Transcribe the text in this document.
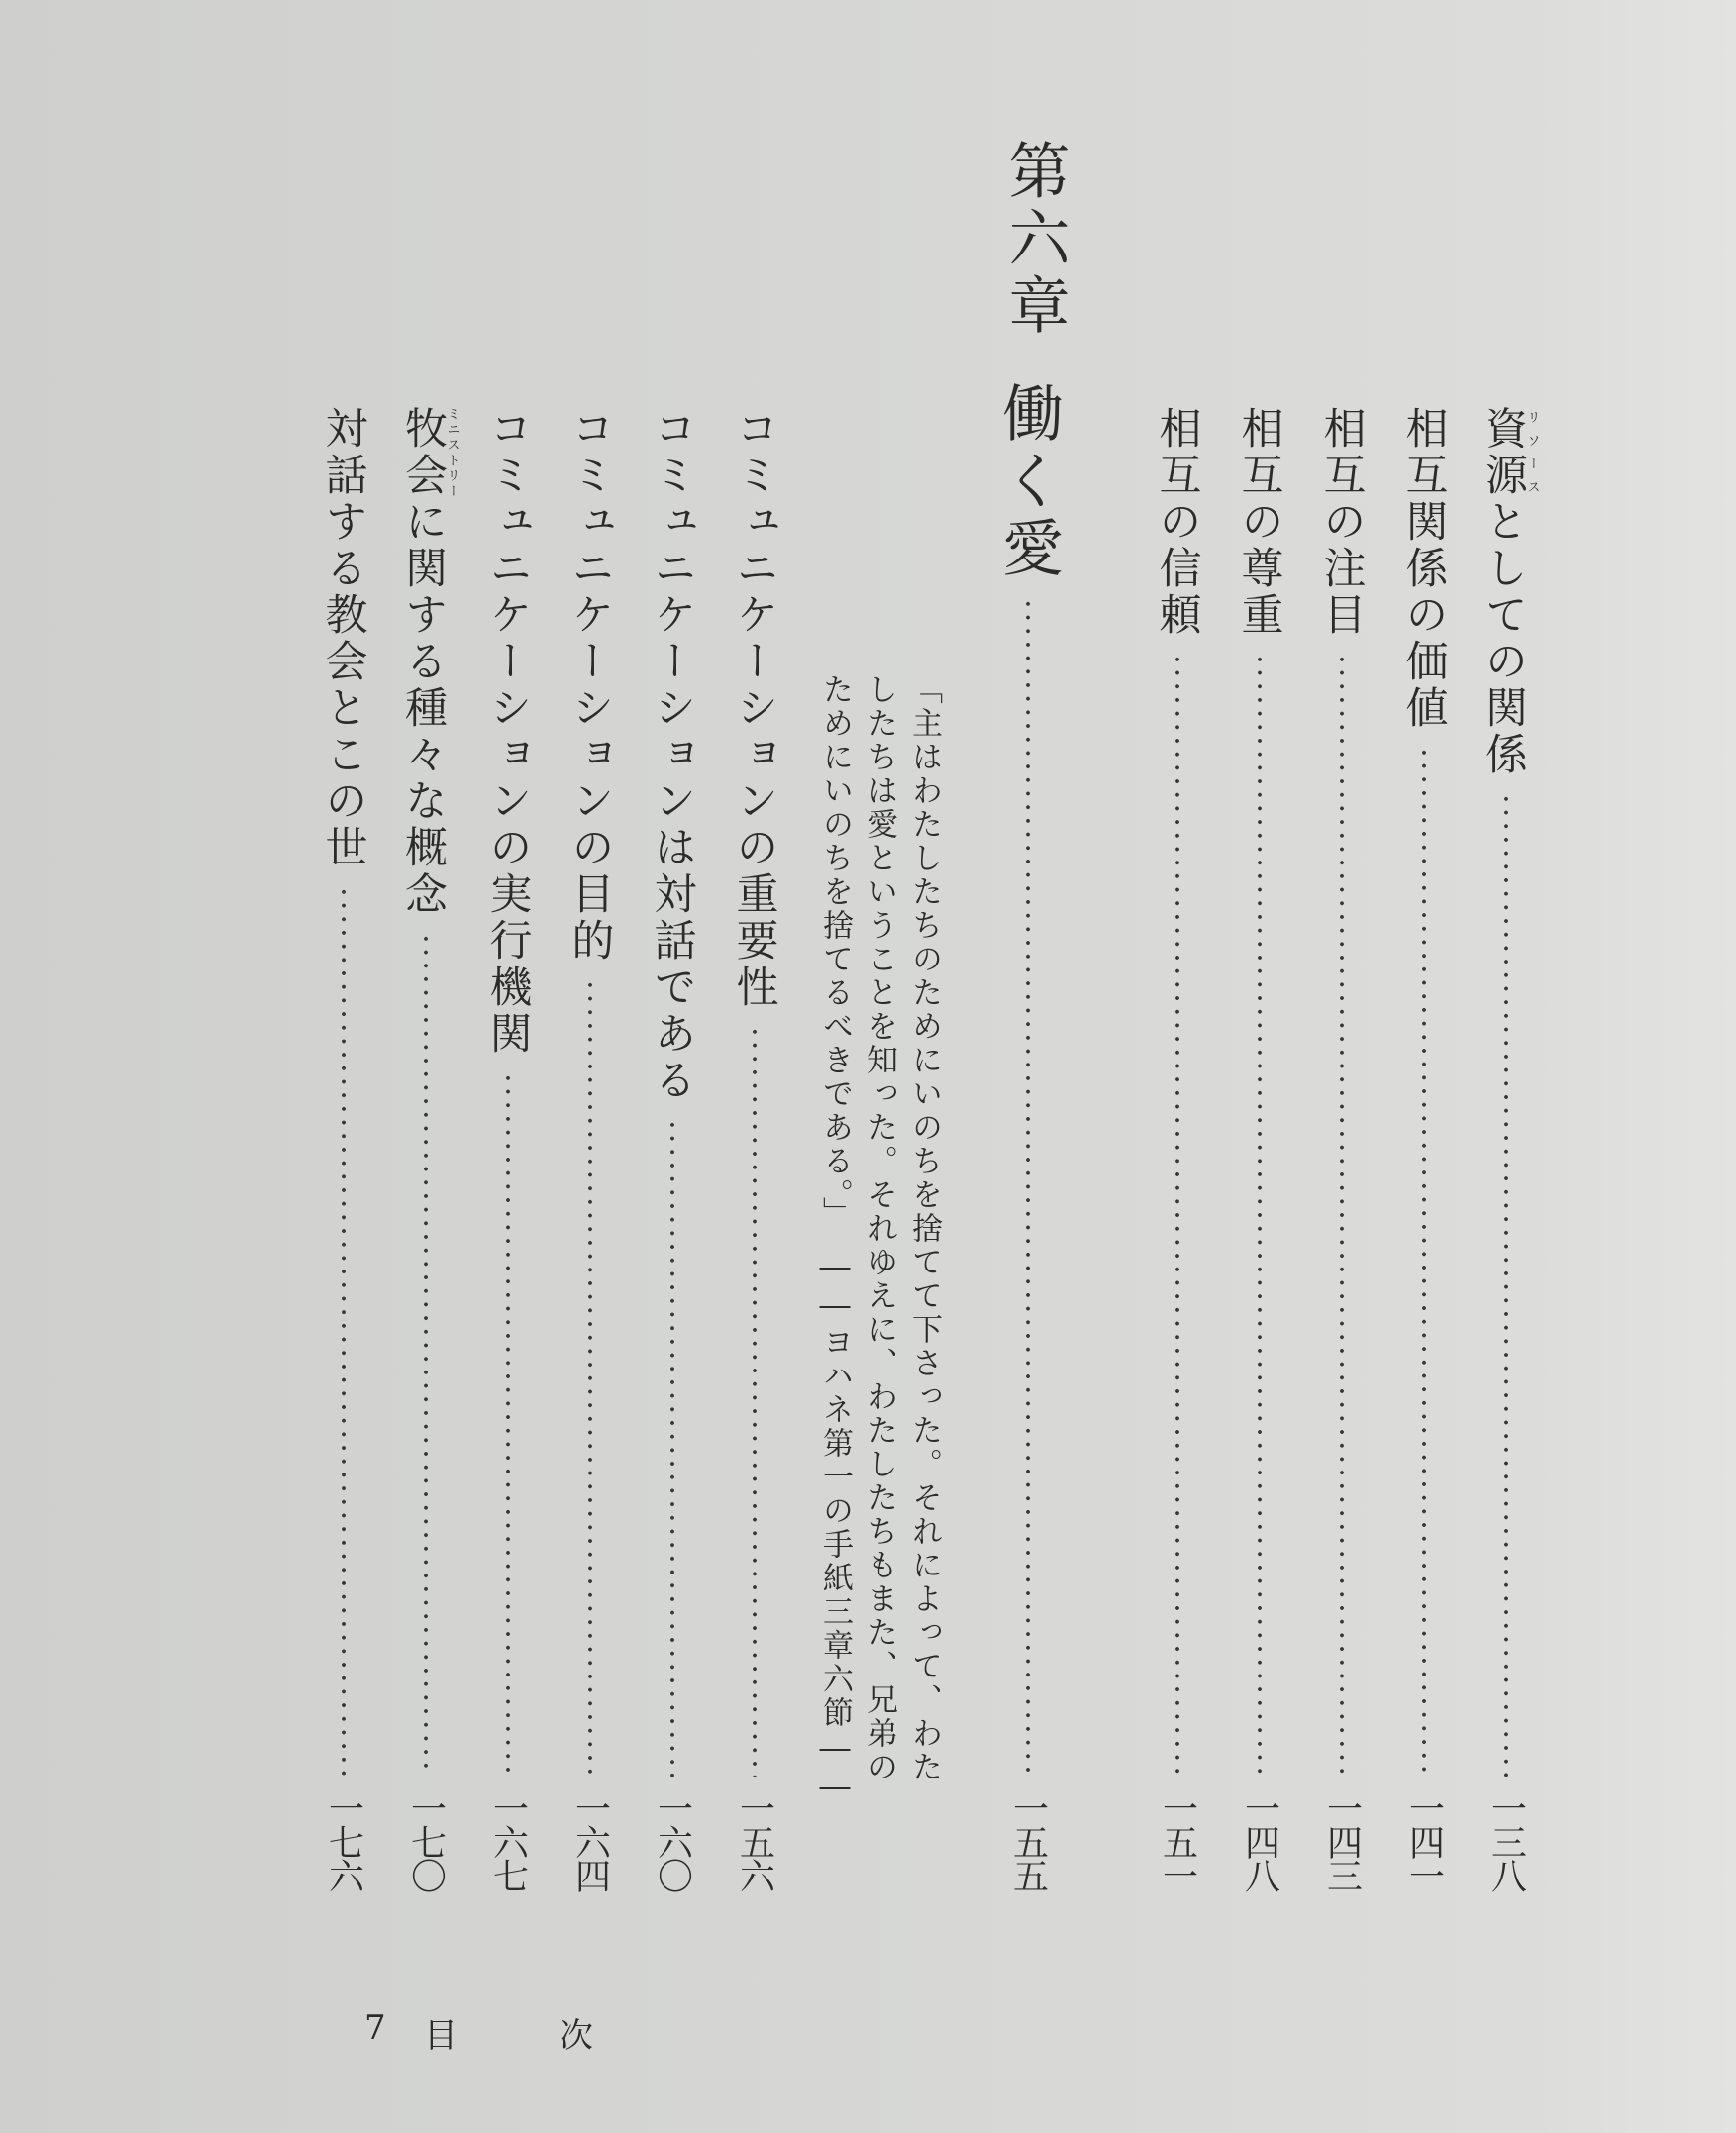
資源リソースとしての関係
一三八
相互関係の価値
一四一
相互の注目
一四三
相互の尊重
一四八
相互の信頼
一五一
第六章
働く愛
一五五
「主はわたしたちのためにいのちを捨てて下さった。それによって、わた
したちは愛ということを知った。それゆえに、わたしたちもまた、兄弟の
ためにいのちを捨てるべきである。」　――ヨハネ第一の手紙三章六節――
コミュニケーションの重要性
一五六
コミュニケーションは対話である
一六〇
コミュニケーションの目的
一六四
コミュニケーションの実行機関
一六七
牧会ミニストリーに関する種々な概念
一七〇
対話する教会とこの世
一七六
7 目	次
